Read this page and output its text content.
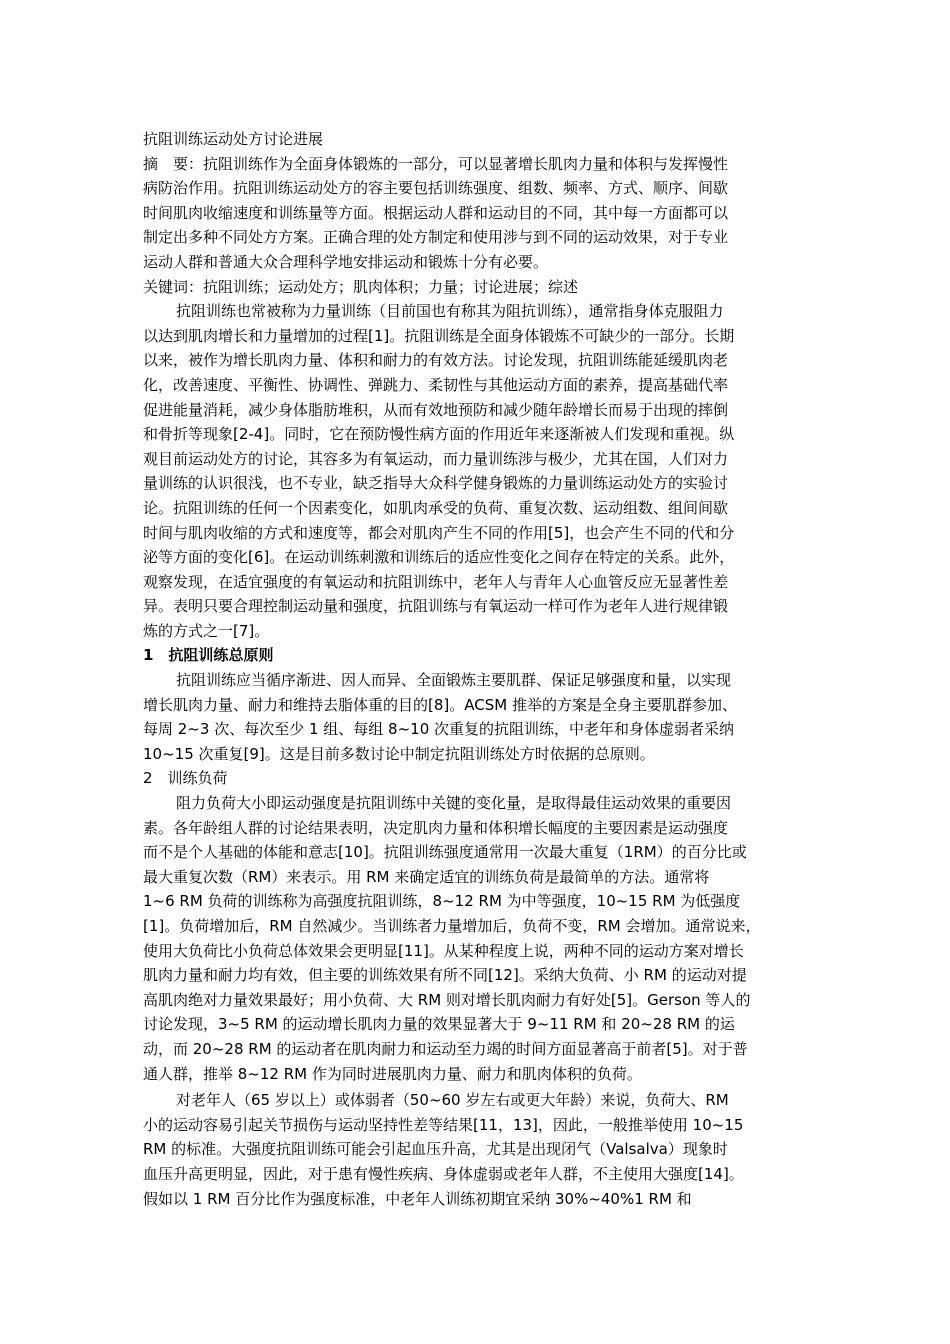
抗阻训练运动处方讨论进展
摘　要：抗阻训练作为全面身体锻炼的一部分，可以显著增长肌肉力量和体积与发挥慢性
病防治作用。抗阻训练运动处方的容主要包括训练强度、组数、频率、方式、顺序、间歇
时间肌肉收缩速度和训练量等方面。根据运动人群和运动目的不同，其中每一方面都可以
制定出多种不同处方方案。正确合理的处方制定和使用涉与到不同的运动效果，对于专业
运动人群和普通大众合理科学地安排运动和锻炼十分有必要。
关键词：抗阻训练；运动处方；肌肉体积；力量；讨论进展；综述
抗阻训练也常被称为力量训练（目前国也有称其为阻抗训练），通常指身体克服阻力
以达到肌肉增长和力量增加的过程[1]。抗阻训练是全面身体锻炼不可缺少的一部分。长期
以来，被作为增长肌肉力量、体积和耐力的有效方法。讨论发现，抗阻训练能延缓肌肉老
化，改善速度、平衡性、协调性、弹跳力、柔韧性与其他运动方面的素养，提高基础代率
促进能量消耗，减少身体脂肪堆积，从而有效地预防和减少随年龄增长而易于出现的摔倒
和骨折等现象[2-4]。同时，它在预防慢性病方面的作用近年来逐渐被人们发现和重视。纵
观目前运动处方的讨论，其容多为有氧运动，而力量训练涉与极少，尤其在国，人们对力
量训练的认识很浅，也不专业，缺乏指导大众科学健身锻炼的力量训练运动处方的实验讨
论。抗阻训练的任何一个因素变化，如肌肉承受的负荷、重复次数、运动组数、组间间歇
时间与肌肉收缩的方式和速度等，都会对肌肉产生不同的作用[5]，也会产生不同的代和分
泌等方面的变化[6]。在运动训练刺激和训练后的适应性变化之间存在特定的关系。此外，
观察发现，在适宜强度的有氧运动和抗阻训练中，老年人与青年人心血管反应无显著性差
异。表明只要合理控制运动量和强度，抗阻训练与有氧运动一样可作为老年人进行规律锻
炼的方式之一[7]。
1　抗阻训练总原则
抗阻训练应当循序渐进、因人而异、全面锻炼主要肌群、保证足够强度和量，以实现
增长肌肉力量、耐力和维持去脂体重的目的[8]。ACSM 推举的方案是全身主要肌群参加、
每周 2~3 次、每次至少 1 组、每组 8~10 次重复的抗阻训练，中老年和身体虚弱者采纳
10~15 次重复[9]。这是目前多数讨论中制定抗阻训练处方时依据的总原则。
2　训练负荷
阻力负荷大小即运动强度是抗阻训练中关键的变化量，是取得最佳运动效果的重要因
素。各年龄组人群的讨论结果表明，决定肌肉力量和体积增长幅度的主要因素是运动强度
而不是个人基础的体能和意志[10]。抗阻训练强度通常用一次最大重复（1RM）的百分比或
最大重复次数（RM）来表示。用 RM 来确定适宜的训练负荷是最简单的方法。通常将
1~6 RM 负荷的训练称为高强度抗阻训练，8~12 RM 为中等强度，10~15 RM 为低强度
[1]。负荷增加后，RM 自然减少。当训练者力量增加后，负荷不变，RM 会增加。通常说来，
使用大负荷比小负荷总体效果会更明显[11]。从某种程度上说，两种不同的运动方案对增长
肌肉力量和耐力均有效，但主要的训练效果有所不同[12]。采纳大负荷、小 RM 的运动对提
高肌肉绝对力量效果最好；用小负荷、大 RM 则对增长肌肉耐力有好处[5]。Gerson 等人的
讨论发现，3~5 RM 的运动增长肌肉力量的效果显著大于 9~11 RM 和 20~28 RM 的运
动，而 20~28 RM 的运动者在肌肉耐力和运动至力竭的时间方面显著高于前者[5]。对于普
通人群，推举 8~12 RM 作为同时进展肌肉力量、耐力和肌肉体积的负荷。
对老年人（65 岁以上）或体弱者（50~60 岁左右或更大年龄）来说，负荷大、RM
小的运动容易引起关节损伤与运动坚持性差等结果[11，13]，因此，一般推举使用 10~15
RM 的标准。大强度抗阻训练可能会引起血压升高，尤其是出现闭气（Valsalva）现象时
血压升高更明显，因此，对于患有慢性疾病、身体虚弱或老年人群，不主使用大强度[14]。
假如以 1 RM 百分比作为强度标准，中老年人训练初期宜采纳 30%~40%1 RM 和
